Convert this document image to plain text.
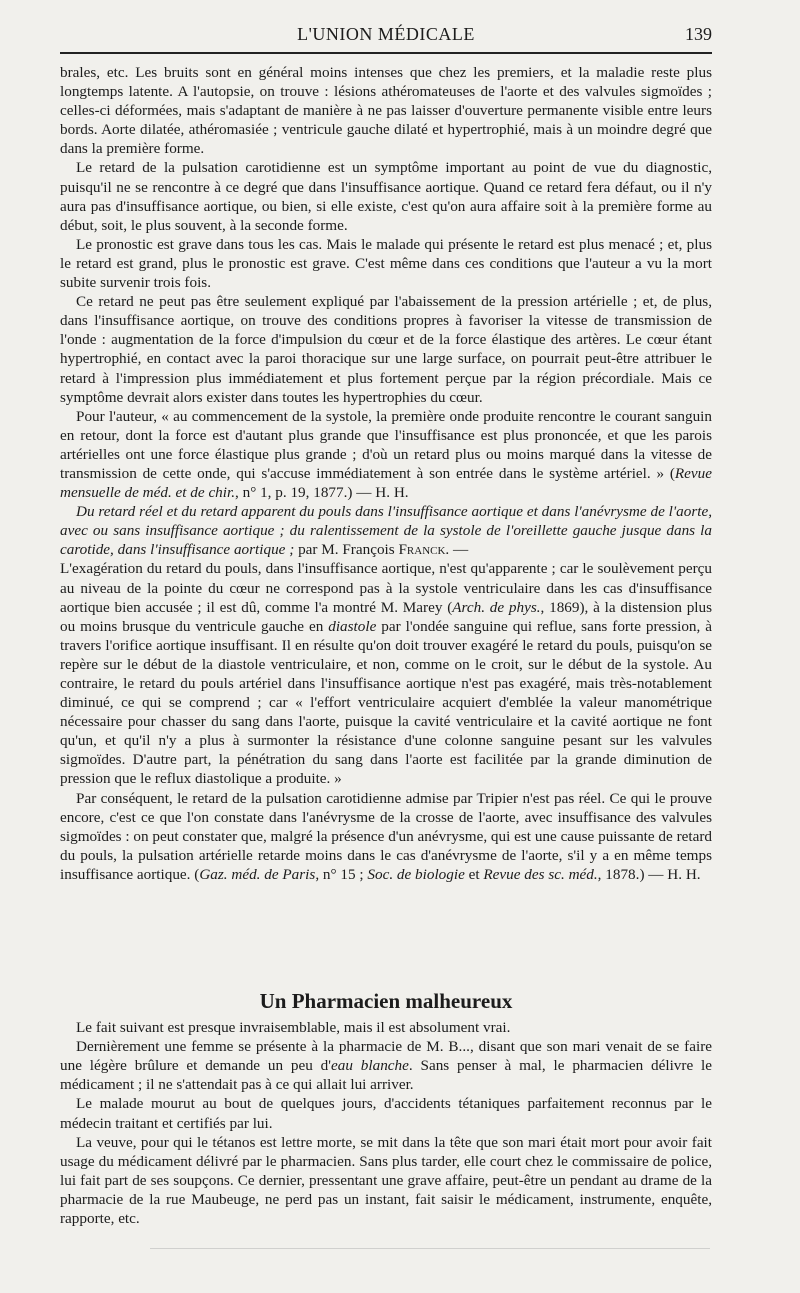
L'UNION MÉDICALE	139

brales, etc. Les bruits sont en général moins intenses que chez les premiers, et la maladie reste plus longtemps latente. A l'autopsie, on trouve : lésions athéromateuses de l'aorte et des valvules sigmoïdes ; celles-ci déformées, mais s'adaptant de manière à ne pas laisser d'ouverture permanente visible entre leurs bords. Aorte dilatée, athéromasiée ; ventricule gauche dilaté et hypertrophié, mais à un moindre degré que dans la première forme.

Le retard de la pulsation carotidienne est un symptôme important au point de vue du diagnostic, puisqu'il ne se rencontre à ce degré que dans l'insuffisance aortique. Quand ce retard fera défaut, ou il n'y aura pas d'insuffisance aortique, ou bien, si elle existe, c'est qu'on aura affaire soit à la première forme au début, soit, le plus souvent, à la seconde forme.

Le pronostic est grave dans tous les cas. Mais le malade qui présente le retard est plus menacé ; et, plus le retard est grand, plus le pronostic est grave. C'est même dans ces conditions que l'auteur a vu la mort subite survenir trois fois.

Ce retard ne peut pas être seulement expliqué par l'abaissement de la pression artérielle ; et, de plus, dans l'insuffisance aortique, on trouve des conditions propres à favoriser la vitesse de transmission de l'onde : augmentation de la force d'impulsion du cœur et de la force élastique des artères. Le cœur étant hypertrophié, en contact avec la paroi thoracique sur une large surface, on pourrait peut-être attribuer le retard à l'impression plus immédiatement et plus fortement perçue par la région précordiale. Mais ce symptôme devrait alors exister dans toutes les hypertrophies du cœur.

Pour l'auteur, « au commencement de la systole, la première onde produite rencontre le courant sanguin en retour, dont la force est d'autant plus grande que l'insuffisance est plus prononcée, et que les parois artérielles ont une force élastique plus grande ; d'où un retard plus ou moins marqué dans la vitesse de transmission de cette onde, qui s'accuse immédiatement à son entrée dans le système artériel. » (Revue mensuelle de méd. et de chir., n° 1, p. 19, 1877.) — H. H.

Du retard réel et du retard apparent du pouls dans l'insuffisance aortique et dans l'anévrysme de l'aorte, avec ou sans insuffisance aortique ; du ralentissement de la systole de l'oreillette gauche jusque dans la carotide, dans l'insuffisance aortique ; par M. François Franck. —

L'exagération du retard du pouls, dans l'insuffisance aortique, n'est qu'apparente ; car le soulèvement perçu au niveau de la pointe du cœur ne correspond pas à la systole ventriculaire dans les cas d'insuffisance aortique bien accusée ; il est dû, comme l'a montré M. Marey (Arch. de phys., 1869), à la distension plus ou moins brusque du ventricule gauche en diastole par l'ondée sanguine qui reflue, sans forte pression, à travers l'orifice aortique insuffisant. Il en résulte qu'on doit trouver exagéré le retard du pouls, puisqu'on se repère sur le début de la diastole ventriculaire, et non, comme on le croit, sur le début de la systole. Au contraire, le retard du pouls artériel dans l'insuffisance aortique n'est pas exagéré, mais très-notablement diminué, ce qui se comprend ; car « l'effort ventriculaire acquiert d'emblée la valeur manométrique nécessaire pour chasser du sang dans l'aorte, puisque la cavité ventriculaire et la cavité aortique ne font qu'un, et qu'il n'y a plus à surmonter la résistance d'une colonne sanguine pesant sur les valvules sigmoïdes. D'autre part, la pénétration du sang dans l'aorte est facilitée par la grande diminution de pression que le reflux diastolique a produite. »

Par conséquent, le retard de la pulsation carotidienne admise par Tripier n'est pas réel. Ce qui le prouve encore, c'est ce que l'on constate dans l'anévrysme de la crosse de l'aorte, avec insuffisance des valvules sigmoïdes : on peut constater que, malgré la présence d'un anévrysme, qui est une cause puissante de retard du pouls, la pulsation artérielle retarde moins dans le cas d'anévrysme de l'aorte, s'il y a en même temps insuffisance aortique. (Gaz. méd. de Paris, n° 15 ; Soc. de biologie et Revue des sc. méd., 1878.) — H. H.

Un Pharmacien malheureux

Le fait suivant est presque invraisemblable, mais il est absolument vrai.

Dernièrement une femme se présente à la pharmacie de M. B..., disant que son mari venait de se faire une légère brûlure et demande un peu d'eau blanche. Sans penser à mal, le pharmacien délivre le médicament ; il ne s'attendait pas à ce qui allait lui arriver.

Le malade mourut au bout de quelques jours, d'accidents tétaniques parfaitement reconnus par le médecin traitant et certifiés par lui.

La veuve, pour qui le tétanos est lettre morte, se mit dans la tête que son mari était mort pour avoir fait usage du médicament délivré par le pharmacien. Sans plus tarder, elle court chez le commissaire de police, lui fait part de ses soupçons. Ce dernier, pressentant une grave affaire, peut-être un pendant au drame de la pharmacie de la rue Maubeuge, ne perd pas un instant, fait saisir le médicament, instrumente, enquête, rapporte, etc.
